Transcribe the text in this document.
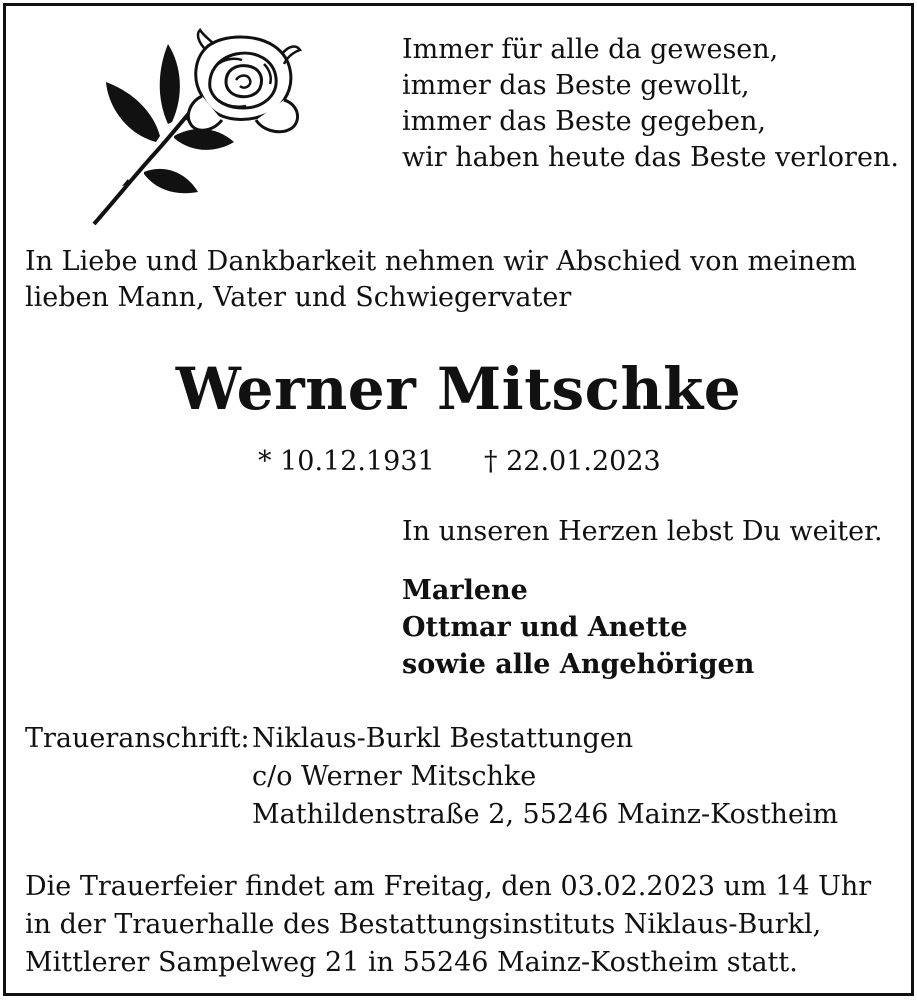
Immer für alle da gewesen,
immer das Beste gewollt,
immer das Beste gegeben,
wir haben heute das Beste verloren.
In Liebe und Dankbarkeit nehmen wir Abschied von meinem
lieben Mann, Vater und Schwiegervater
Werner Mitschke
* 10.12.1931 † 22.01.2023
In unseren Herzen lebst Du weiter.
Marlene
Ottmar und Anette
sowie alle Angehörigen
Traueranschrift: Niklaus-Burkl Bestattungen
c/o Werner Mitschke
Mathildenstraße 2, 55246 Mainz-Kostheim
Die Trauerfeier findet am Freitag, den 03.02.2023 um 14 Uhr
in der Trauerhalle des Bestattungsinstituts Niklaus-Burkl,
Mittlerer Sampelweg 21 in 55246 Mainz-Kostheim statt.
